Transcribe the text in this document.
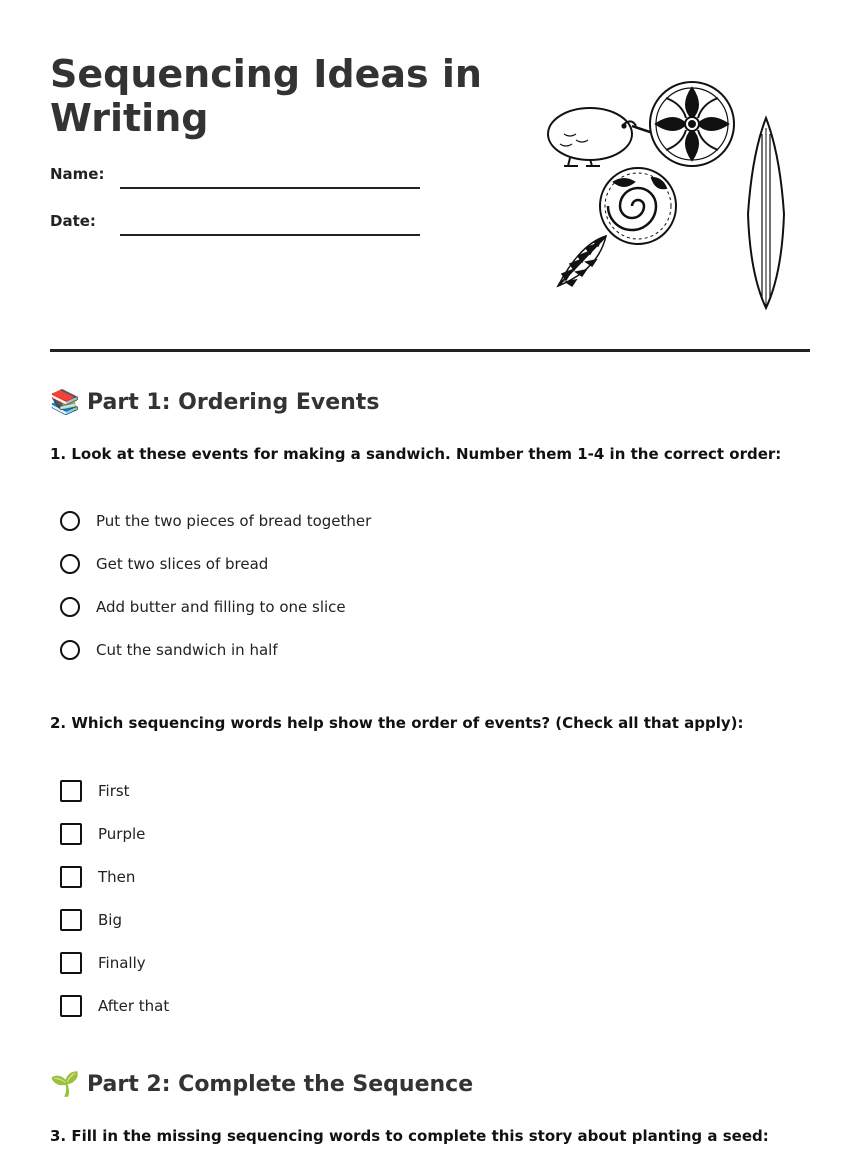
Sequencing Ideas in Writing
Name:
Date:
📚 Part 1: Ordering Events
1. Look at these events for making a sandwich. Number them 1-4 in the correct order:
Put the two pieces of bread together
Get two slices of bread
Add butter and filling to one slice
Cut the sandwich in half
2. Which sequencing words help show the order of events? (Check all that apply):
First
Purple
Then
Big
Finally
After that
🌱 Part 2: Complete the Sequence
3. Fill in the missing sequencing words to complete this story about planting a seed:
